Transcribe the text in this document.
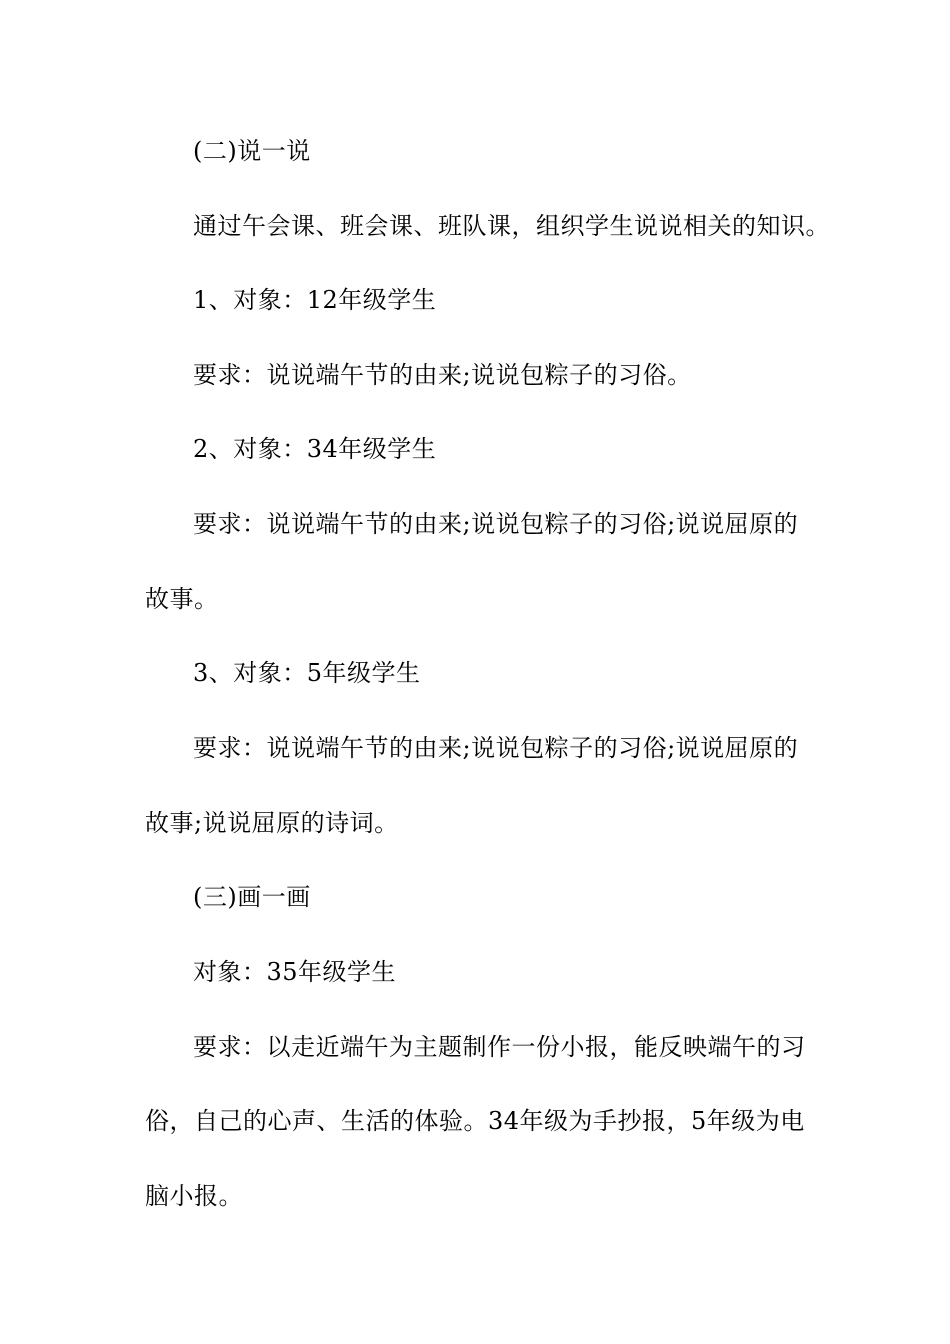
(二)说一说
通过午会课、班会课、班队课，组织学生说说相关的知识。
1、对象：12年级学生
要求：说说端午节的由来;说说包粽子的习俗。
2、对象：34年级学生
要求：说说端午节的由来;说说包粽子的习俗;说说屈原的
故事。
3、对象：5年级学生
要求：说说端午节的由来;说说包粽子的习俗;说说屈原的
故事;说说屈原的诗词。
(三)画一画
对象：35年级学生
要求：以走近端午为主题制作一份小报，能反映端午的习
俗，自己的心声、生活的体验。34年级为手抄报，5年级为电
脑小报。
